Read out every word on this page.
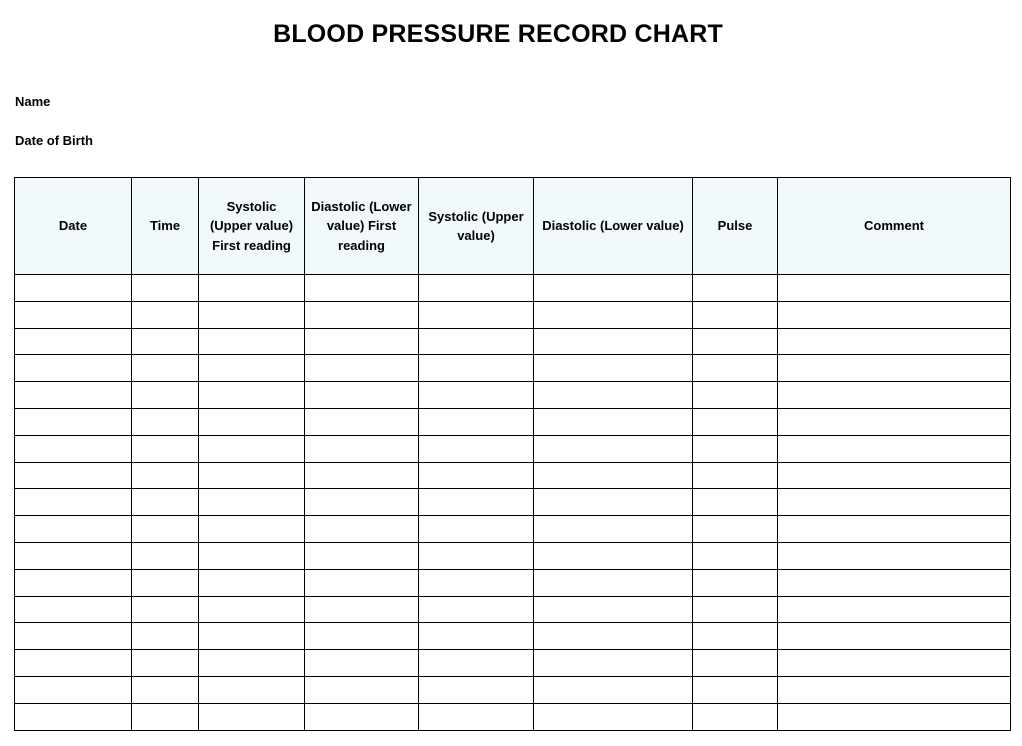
BLOOD PRESSURE RECORD CHART
Name
Date of Birth
Date	Time	Systolic (Upper value) First reading	Diastolic (Lower value) First reading	Systolic (Upper value)	Diastolic (Lower value)	Pulse	Comment
